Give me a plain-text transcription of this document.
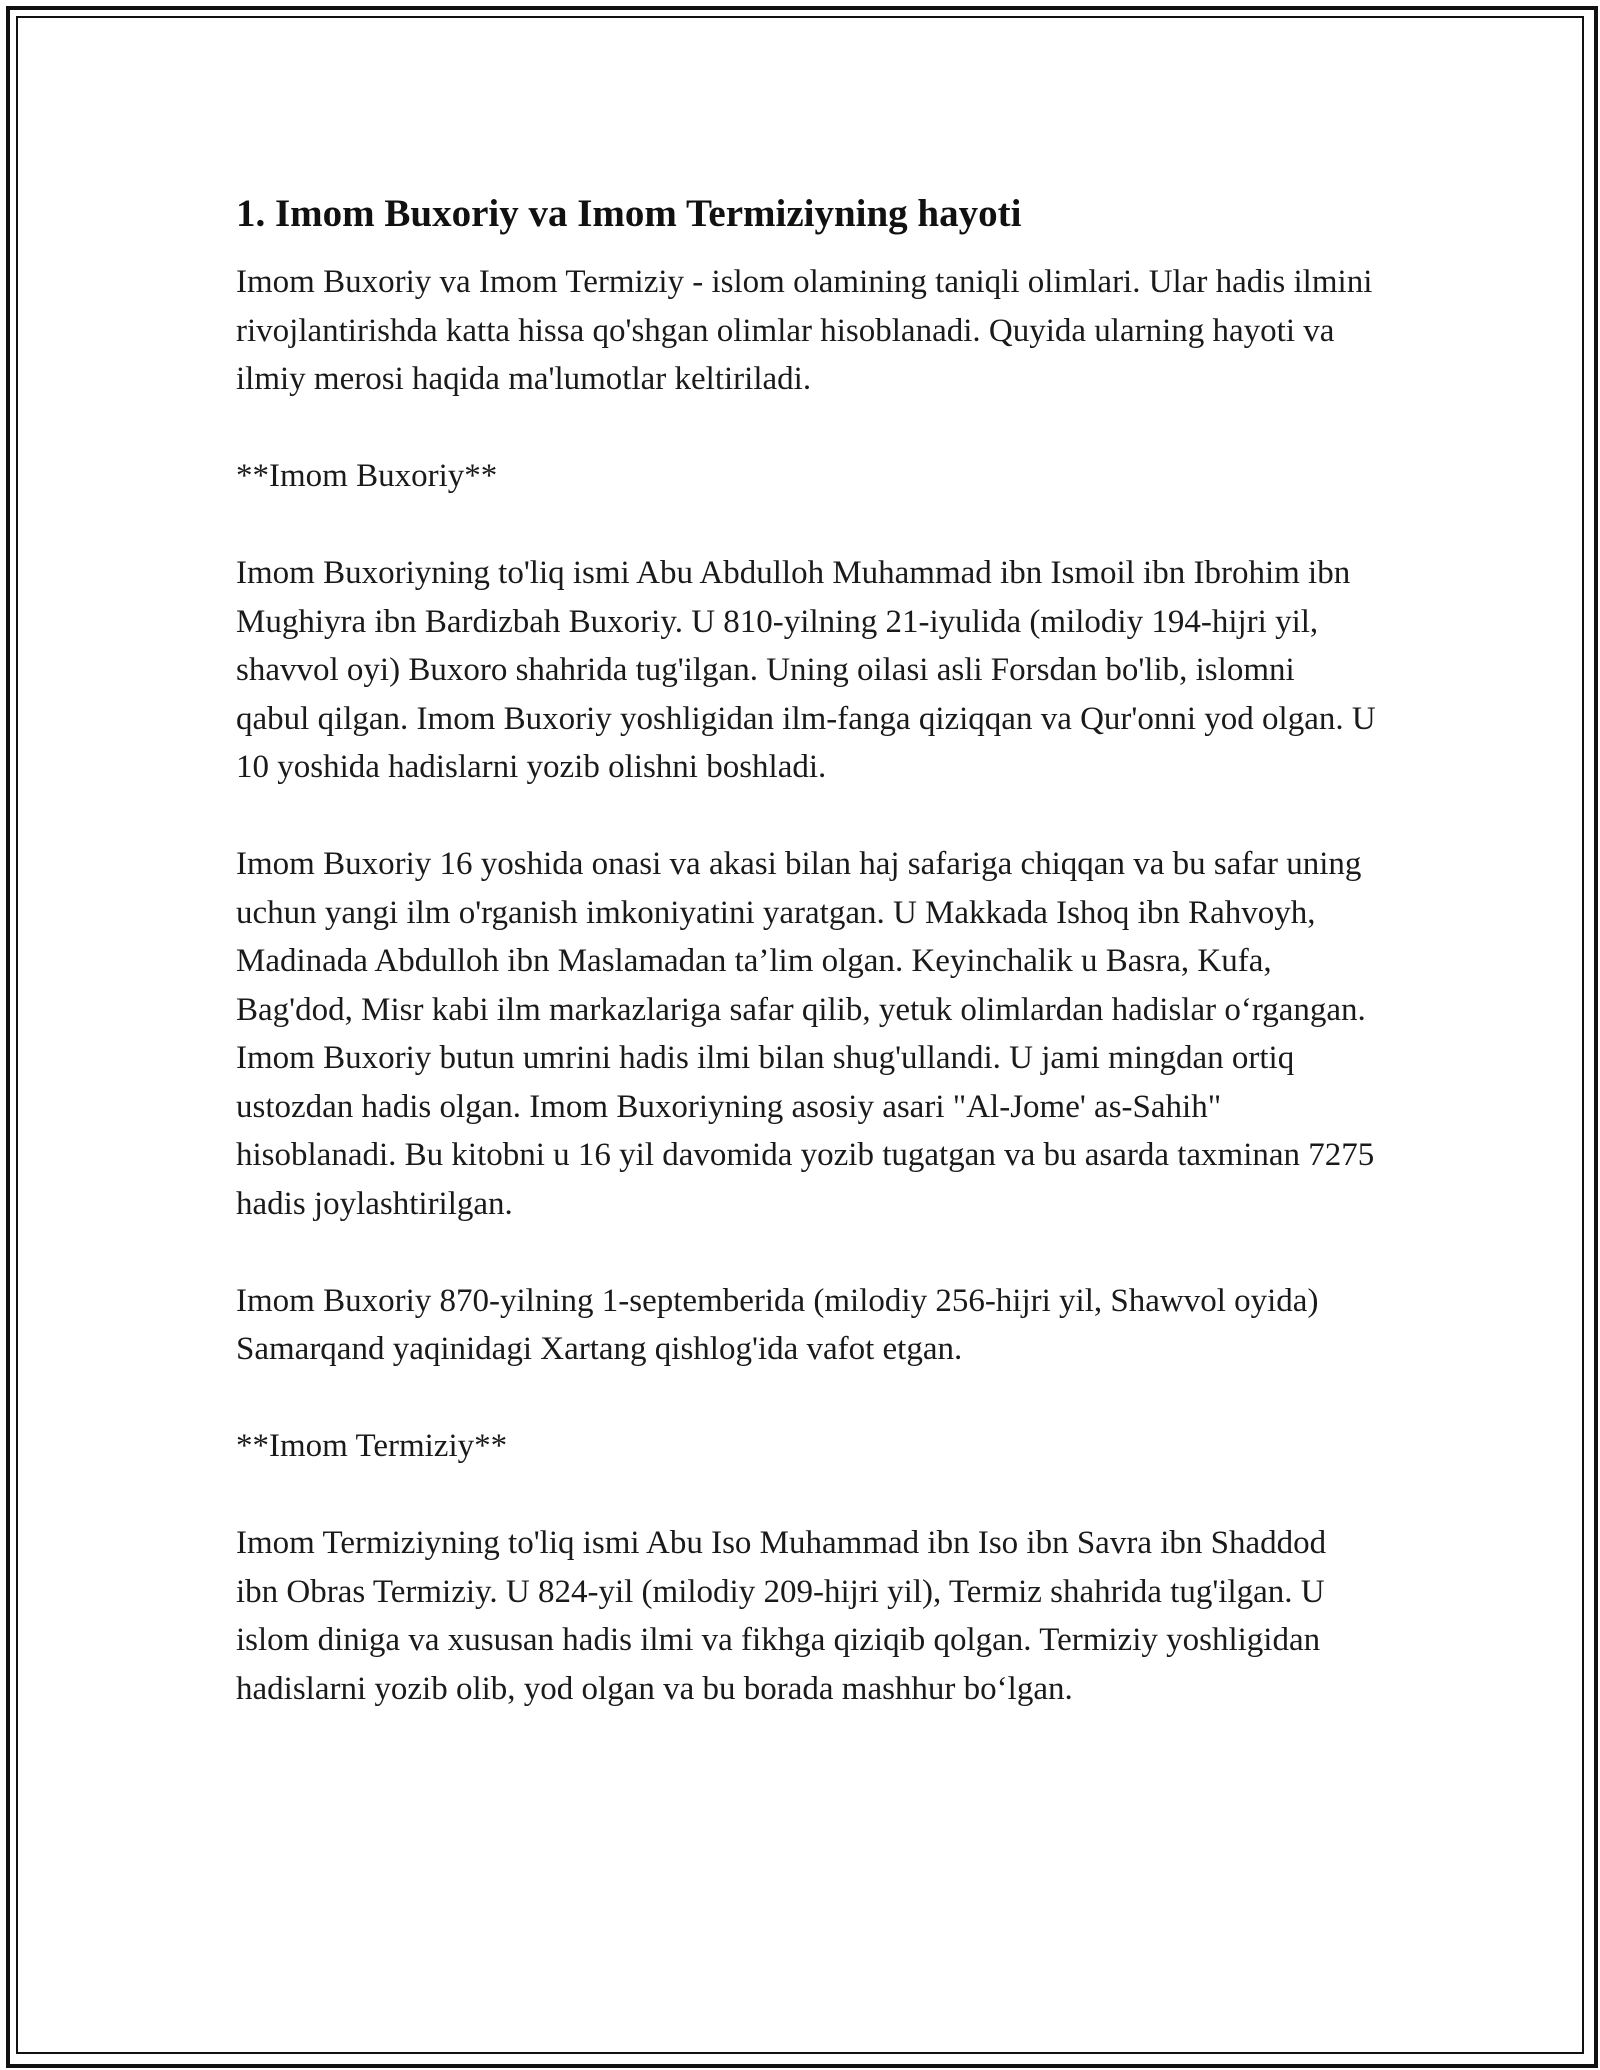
1. Imom Buxoriy va Imom Termiziyning hayoti

Imom Buxoriy va Imom Termiziy - islom olamining taniqli olimlari. Ular hadis ilmini rivojlantirishda katta hissa qo'shgan olimlar hisoblanadi. Quyida ularning hayoti va ilmiy merosi haqida ma'lumotlar keltiriladi.

**Imom Buxoriy**

Imom Buxoriyning to'liq ismi Abu Abdulloh Muhammad ibn Ismoil ibn Ibrohim ibn Mughiyra ibn Bardizbah Buxoriy. U 810-yilning 21-iyulida (milodiy 194-hijri yil, shavvol oyi) Buxoro shahrida tug'ilgan. Uning oilasi asli Forsdan bo'lib, islomni qabul qilgan. Imom Buxoriy yoshligidan ilm-fanga qiziqqan va Qur'onni yod olgan. U 10 yoshida hadislarni yozib olishni boshladi.

Imom Buxoriy 16 yoshida onasi va akasi bilan haj safariga chiqqan va bu safar uning uchun yangi ilm o'rganish imkoniyatini yaratgan. U Makkada Ishoq ibn Rahvoyh, Madinada Abdulloh ibn Maslamadan ta’lim olgan. Keyinchalik u Basra, Kufa, Bag'dod, Misr kabi ilm markazlariga safar qilib, yetuk olimlardan hadislar o‘rgangan. Imom Buxoriy butun umrini hadis ilmi bilan shug'ullandi. U jami mingdan ortiq ustozdan hadis olgan. Imom Buxoriyning asosiy asari "Al-Jome' as-Sahih" hisoblanadi. Bu kitobni u 16 yil davomida yozib tugatgan va bu asarda taxminan 7275 hadis joylashtirilgan.

Imom Buxoriy 870-yilning 1-septemberida (milodiy 256-hijri yil, Shawvol oyida) Samarqand yaqinidagi Xartang qishlog'ida vafot etgan.

**Imom Termiziy**

Imom Termiziyning to'liq ismi Abu Iso Muhammad ibn Iso ibn Savra ibn Shaddod ibn Obras Termiziy. U 824-yil (milodiy 209-hijri yil), Termiz shahrida tug'ilgan. U islom diniga va xususan hadis ilmi va fikhga qiziqib qolgan. Termiziy yoshligidan hadislarni yozib olib, yod olgan va bu borada mashhur bo‘lgan.
